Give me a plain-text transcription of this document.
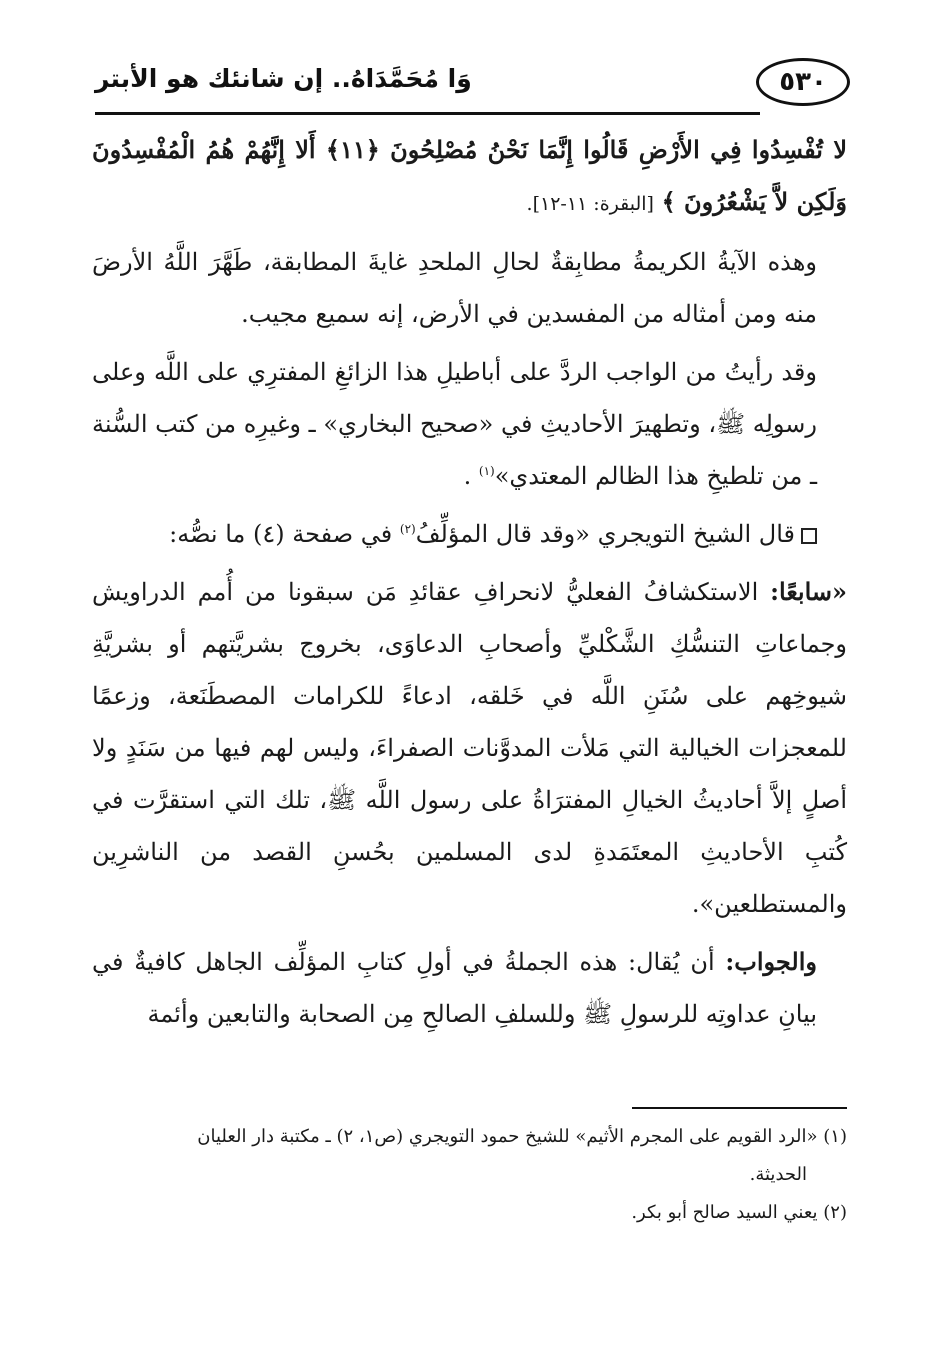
٥٣٠
وَا مُحَمَّدَاهُ.. إن شانئك هو الأبتر

لا تُفْسِدُوا فِي الأَرْضِ قَالُوا إِنَّمَا نَحْنُ مُصْلِحُونَ ﴿١١﴾ أَلا إِنَّهُمْ هُمُ الْمُفْسِدُونَ وَلَكِن لاَّ يَشْعُرُونَ ﴾ [البقرة: ١١-١٢].

وهذه الآيةُ الكريمةُ مطابِقةٌ لحالِ الملحدِ غايةَ المطابقة، طَهَّرَ اللَّهُ الأرضَ منه ومن أمثاله من المفسدين في الأرض، إنه سميع مجيب.

وقد رأيتُ من الواجب الردَّ على أباطيلِ هذا الزائغِ المفترِي على اللَّه وعلى رسولِه ﷺ، وتطهيرَ الأحاديثِ في «صحيح البخاري» ـ وغيرِه من كتب السُّنة ـ من تلطيخِ هذا الظالم المعتدي»$^{(١)}$ .

قال الشيخ التويجري «وقد قال المؤلِّفُ$^{(٢)}$ في صفحة (٤) ما نصُّه:

«سابعًا: الاستكشافُ الفعليُّ لانحرافِ عقائدِ مَن سبقونا من أُمم الدراويش وجماعاتِ التنسُّكِ الشَّكْليِّ وأصحابِ الدعاوَى، بخروج بشريَّتهم أو بشريَّةِ شيوخِهم على سُنَنِ اللَّه في خَلقه، ادعاءً للكرامات المصطَنَعة، وزعمًا للمعجزات الخيالية التي مَلأت المدوَّنات الصفراءَ، وليس لهم فيها من سَنَدٍ ولا أصلٍ إلاَّ أحاديثُ الخيالِ المفترَاةُ على رسول اللَّه ﷺ، تلك التي استقرَّت في كُتبِ الأحاديثِ المعتَمَدةِ لدى المسلمين بحُسنِ القصد من الناشرِين والمستطلعين».

والجواب: أن يُقال: هذه الجملةُ في أولِ كتابِ المؤلِّف الجاهل كافيةٌ في بيانِ عداوتِه للرسولِ ﷺ وللسلفِ الصالحِ مِن الصحابة والتابعين وأئمة

(١) «الرد القويم على المجرم الأثيم» للشيخ حمود التويجري (ص١، ٢) ـ مكتبة دار العليان

الحديثة.

(٢) يعني السيد صالح أبو بكر.
